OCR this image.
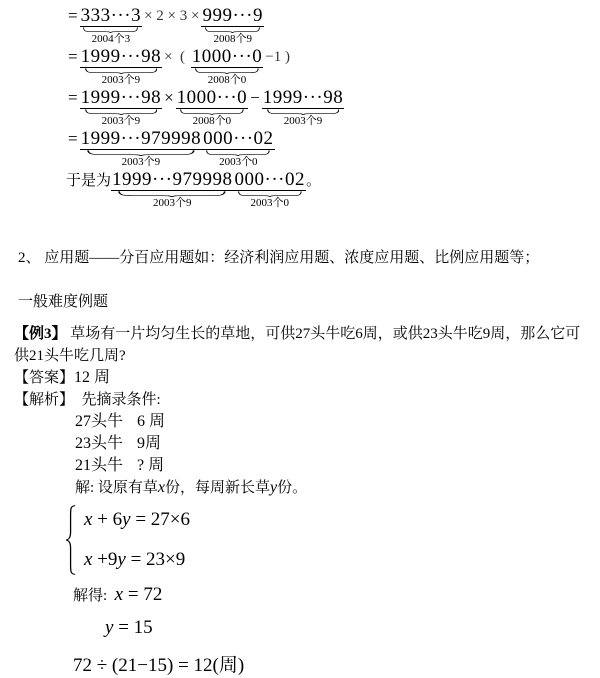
= 333···3
2004个3
× 2 × 3 × 999···9
2008个9
= 1999···98
2003个9
×  ( 1000···0
2008个0
−1 )
= 1999···98
2003个9
× 1000···0
2008个0
− 1999···98
2003个9
= 1999···979998
2003个9
000···02
2003个0
于是为 1999···979998
2003个9
000···02
2003个0
。
2、 应用题——分百应用题如：经济利润应用题、浓度应用题、比例应用题等；
一般难度例题
【例3】 草场有一片均匀生长的草地，可供27头牛吃6周，或供23头牛吃9周，那么它可
供21头牛吃几周?
【答案】12 周
【解析】  先摘录条件:
27头牛 6 周
23头牛 9周
21头牛 ? 周
解: 设原有草x份，每周新长草y份。
x + 6y = 27×6
x +9y = 23×9
解得:  x = 72
y = 15
72 ÷ (21−15) = 12(周)
